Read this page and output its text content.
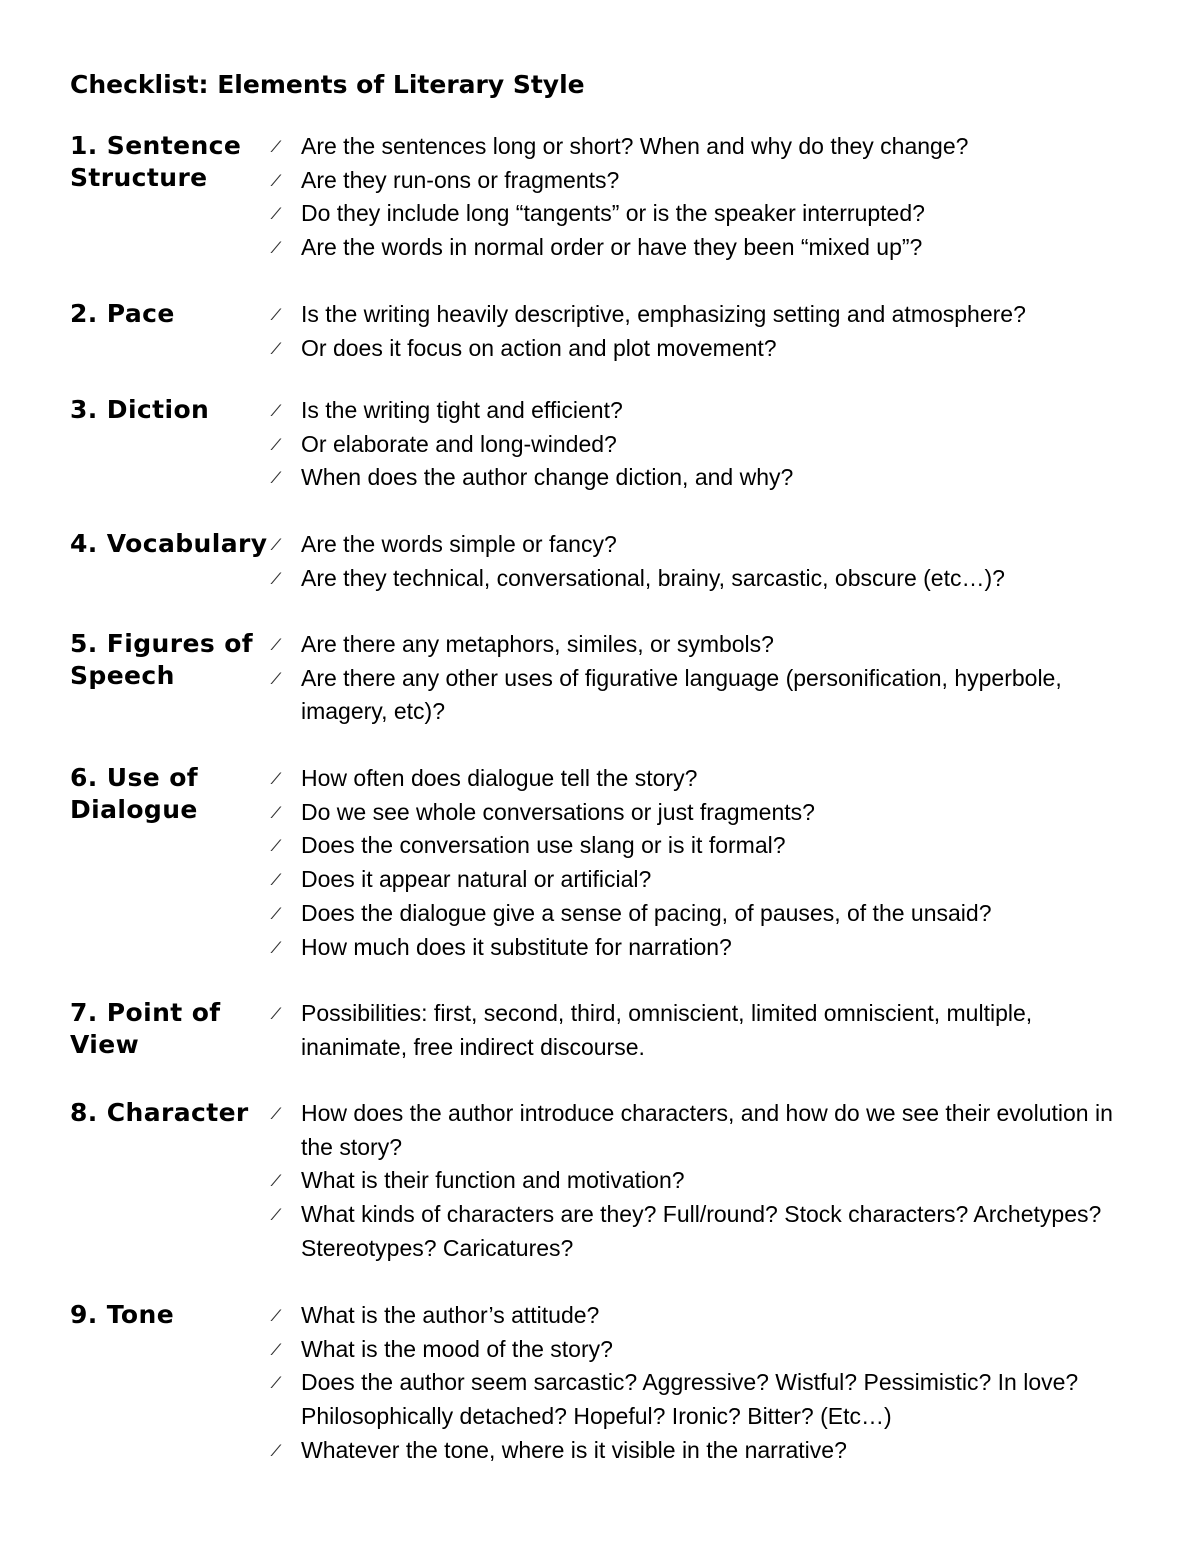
Checklist: Elements of Literary Style
1. Sentence Structure
⁄ Are the sentences long or short? When and why do they change?
⁄ Are they run-ons or fragments?
⁄ Do they include long “tangents” or is the speaker interrupted?
⁄ Are the words in normal order or have they been “mixed up”?
2. Pace	⁄ Is the writing heavily descriptive, emphasizing setting and atmosphere?
⁄ Or does it focus on action and plot movement?
3. Diction	⁄ Is the writing tight and efficient?
⁄ Or elaborate and long-winded?
⁄ When does the author change diction, and why?
4. Vocabulary ⁄ Are the words simple or fancy?
⁄ Are they technical, conversational, brainy, sarcastic, obscure (etc…)?
5. Figures of Speech
⁄ Are there any metaphors, similes, or symbols?
⁄ Are there any other uses of figurative language (personification, hyperbole, imagery, etc)?
6. Use of Dialogue
⁄ How often does dialogue tell the story?
⁄ Do we see whole conversations or just fragments?
⁄ Does the conversation use slang or is it formal?
⁄ Does it appear natural or artificial?
⁄ Does the dialogue give a sense of pacing, of pauses, of the unsaid?
⁄ How much does it substitute for narration?
7. Point of View
⁄ Possibilities: first, second, third, omniscient, limited omniscient, multiple, inanimate, free indirect discourse.
8. Character	⁄ How does the author introduce characters, and how do we see their evolution in the story?
⁄ What is their function and motivation?
⁄ What kinds of characters are they? Full/round? Stock characters? Archetypes? Stereotypes? Caricatures?
9. Tone	⁄ What is the author’s attitude?
⁄ What is the mood of the story?
⁄ Does the author seem sarcastic? Aggressive? Wistful? Pessimistic? In love? Philosophically detached? Hopeful? Ironic? Bitter? (Etc…)
⁄ Whatever the tone, where is it visible in the narrative?
